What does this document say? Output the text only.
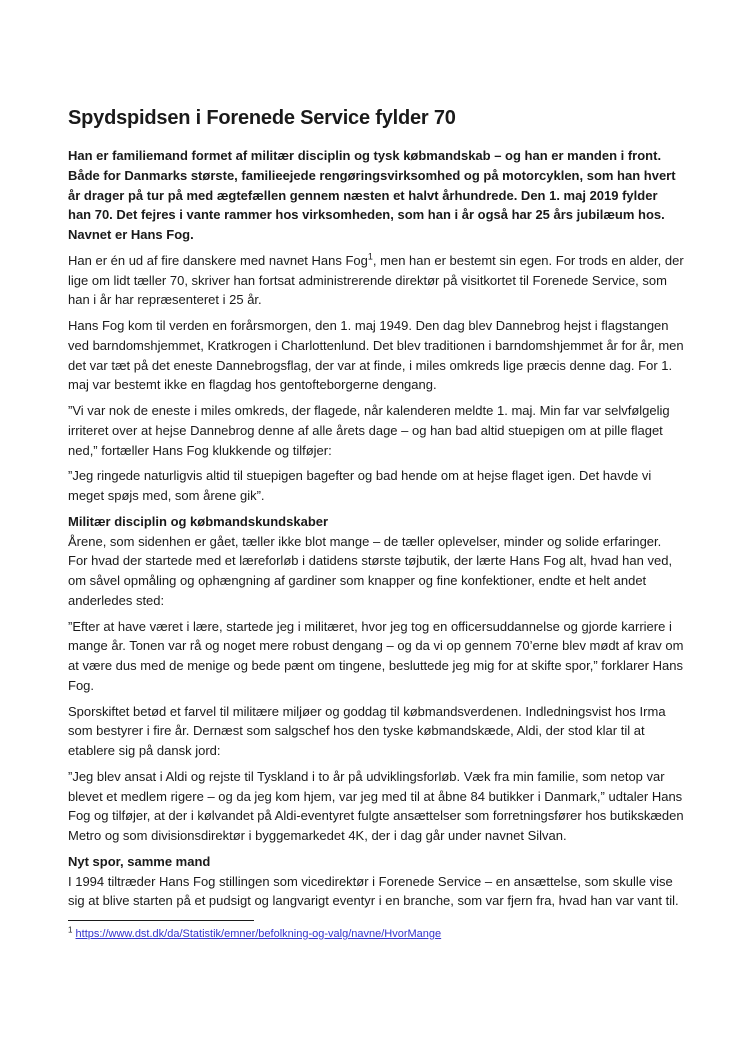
Spydspidsen i Forenede Service fylder 70

Han er familiemand formet af militær disciplin og tysk købmandskab – og han er manden i front. Både for Danmarks største, familieejede rengøringsvirksomhed og på motorcyklen, som han hvert år drager på tur på med ægtefællen gennem næsten et halvt århundrede. Den 1. maj 2019 fylder han 70. Det fejres i vante rammer hos virksomheden, som han i år også har 25 års jubilæum hos. Navnet er Hans Fog.

Han er én ud af fire danskere med navnet Hans Fog$^1$, men han er bestemt sin egen. For trods en alder, der lige om lidt tæller 70, skriver han fortsat administrerende direktør på visitkortet til Forenede Service, som han i år har repræsenteret i 25 år.

Hans Fog kom til verden en forårsmorgen, den 1. maj 1949. Den dag blev Dannebrog hejst i flagstangen ved barndomshjemmet, Kratkrogen i Charlottenlund. Det blev traditionen i barndomshjemmet år for år, men det var tæt på det eneste Dannebrogsflag, der var at finde, i miles omkreds lige præcis denne dag. For 1. maj var bestemt ikke en flagdag hos gentofteborgerne dengang.

”Vi var nok de eneste i miles omkreds, der flagede, når kalenderen meldte 1. maj. Min far var selvfølgelig irriteret over at hejse Dannebrog denne af alle årets dage – og han bad altid stuepigen om at pille flaget ned,” fortæller Hans Fog klukkende og tilføjer:

”Jeg ringede naturligvis altid til stuepigen bagefter og bad hende om at hejse flaget igen. Det havde vi meget spøjs med, som årene gik”.

Militær disciplin og købmandskundskaber

Årene, som sidenhen er gået, tæller ikke blot mange – de tæller oplevelser, minder og solide erfaringer. For hvad der startede med et læreforløb i datidens største tøjbutik, der lærte Hans Fog alt, hvad han ved, om såvel opmåling og ophængning af gardiner som knapper og fine konfektioner, endte et helt andet anderledes sted:

”Efter at have været i lære, startede jeg i militæret, hvor jeg tog en officersuddannelse og gjorde karriere i mange år. Tonen var rå og noget mere robust dengang – og da vi op gennem 70’erne blev mødt af krav om at være dus med de menige og bede pænt om tingene, besluttede jeg mig for at skifte spor,” forklarer Hans Fog.

Sporskiftet betød et farvel til militære miljøer og goddag til købmandsverdenen. Indledningsvist hos Irma som bestyrer i fire år. Dernæst som salgschef hos den tyske købmandskæde, Aldi, der stod klar til at etablere sig på dansk jord:

”Jeg blev ansat i Aldi og rejste til Tyskland i to år på udviklingsforløb. Væk fra min familie, som netop var blevet et medlem rigere – og da jeg kom hjem, var jeg med til at åbne 84 butikker i Danmark,” udtaler Hans Fog og tilføjer, at der i kølvandet på Aldi-eventyret fulgte ansættelser som forretningsfører hos butikskæden Metro og som divisionsdirektør i byggemarkedet 4K, der i dag går under navnet Silvan.

Nyt spor, samme mand

I 1994 tiltræder Hans Fog stillingen som vicedirektør i Forenede Service – en ansættelse, som skulle vise sig at blive starten på et pudsigt og langvarigt eventyr i en branche, som var fjern fra, hvad han var vant til.

$^1$ https://www.dst.dk/da/Statistik/emner/befolkning-og-valg/navne/HvorMange
